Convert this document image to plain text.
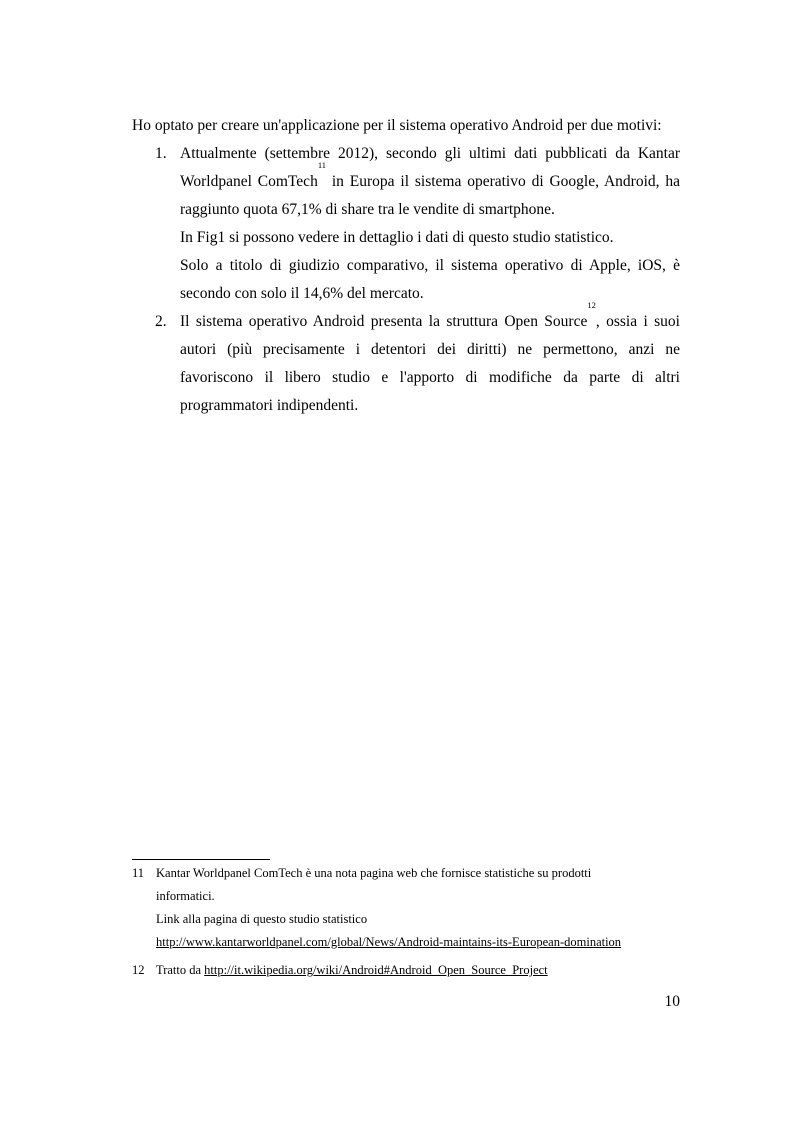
Ho optato per creare un'applicazione per il sistema operativo Android per due motivi:

1. Attualmente (settembre 2012), secondo gli ultimi dati pubblicati da Kantar Worldpanel ComTech$^{11}$ in Europa il sistema operativo di Google, Android, ha raggiunto quota 67,1% di share tra le vendite di smartphone.

In Fig1 si possono vedere in dettaglio i dati di questo studio statistico.

Solo a titolo di giudizio comparativo, il sistema operativo di Apple, iOS, è secondo con solo il 14,6% del mercato.

2. Il sistema operativo Android presenta la struttura Open Source$^{12}$, ossia i suoi autori (più precisamente i detentori dei diritti) ne permettono, anzi ne favoriscono il libero studio e l'apporto di modifiche da parte di altri programmatori indipendenti.

11 Kantar Worldpanel ComTech è una nota pagina web che fornisce statistiche su prodotti

informatici.

Link alla pagina di questo studio statistico

http://www.kantarworldpanel.com/global/News/Android-maintains-its-European-domination

12 Tratto da http://it.wikipedia.org/wiki/Android#Android_Open_Source_Project

10
